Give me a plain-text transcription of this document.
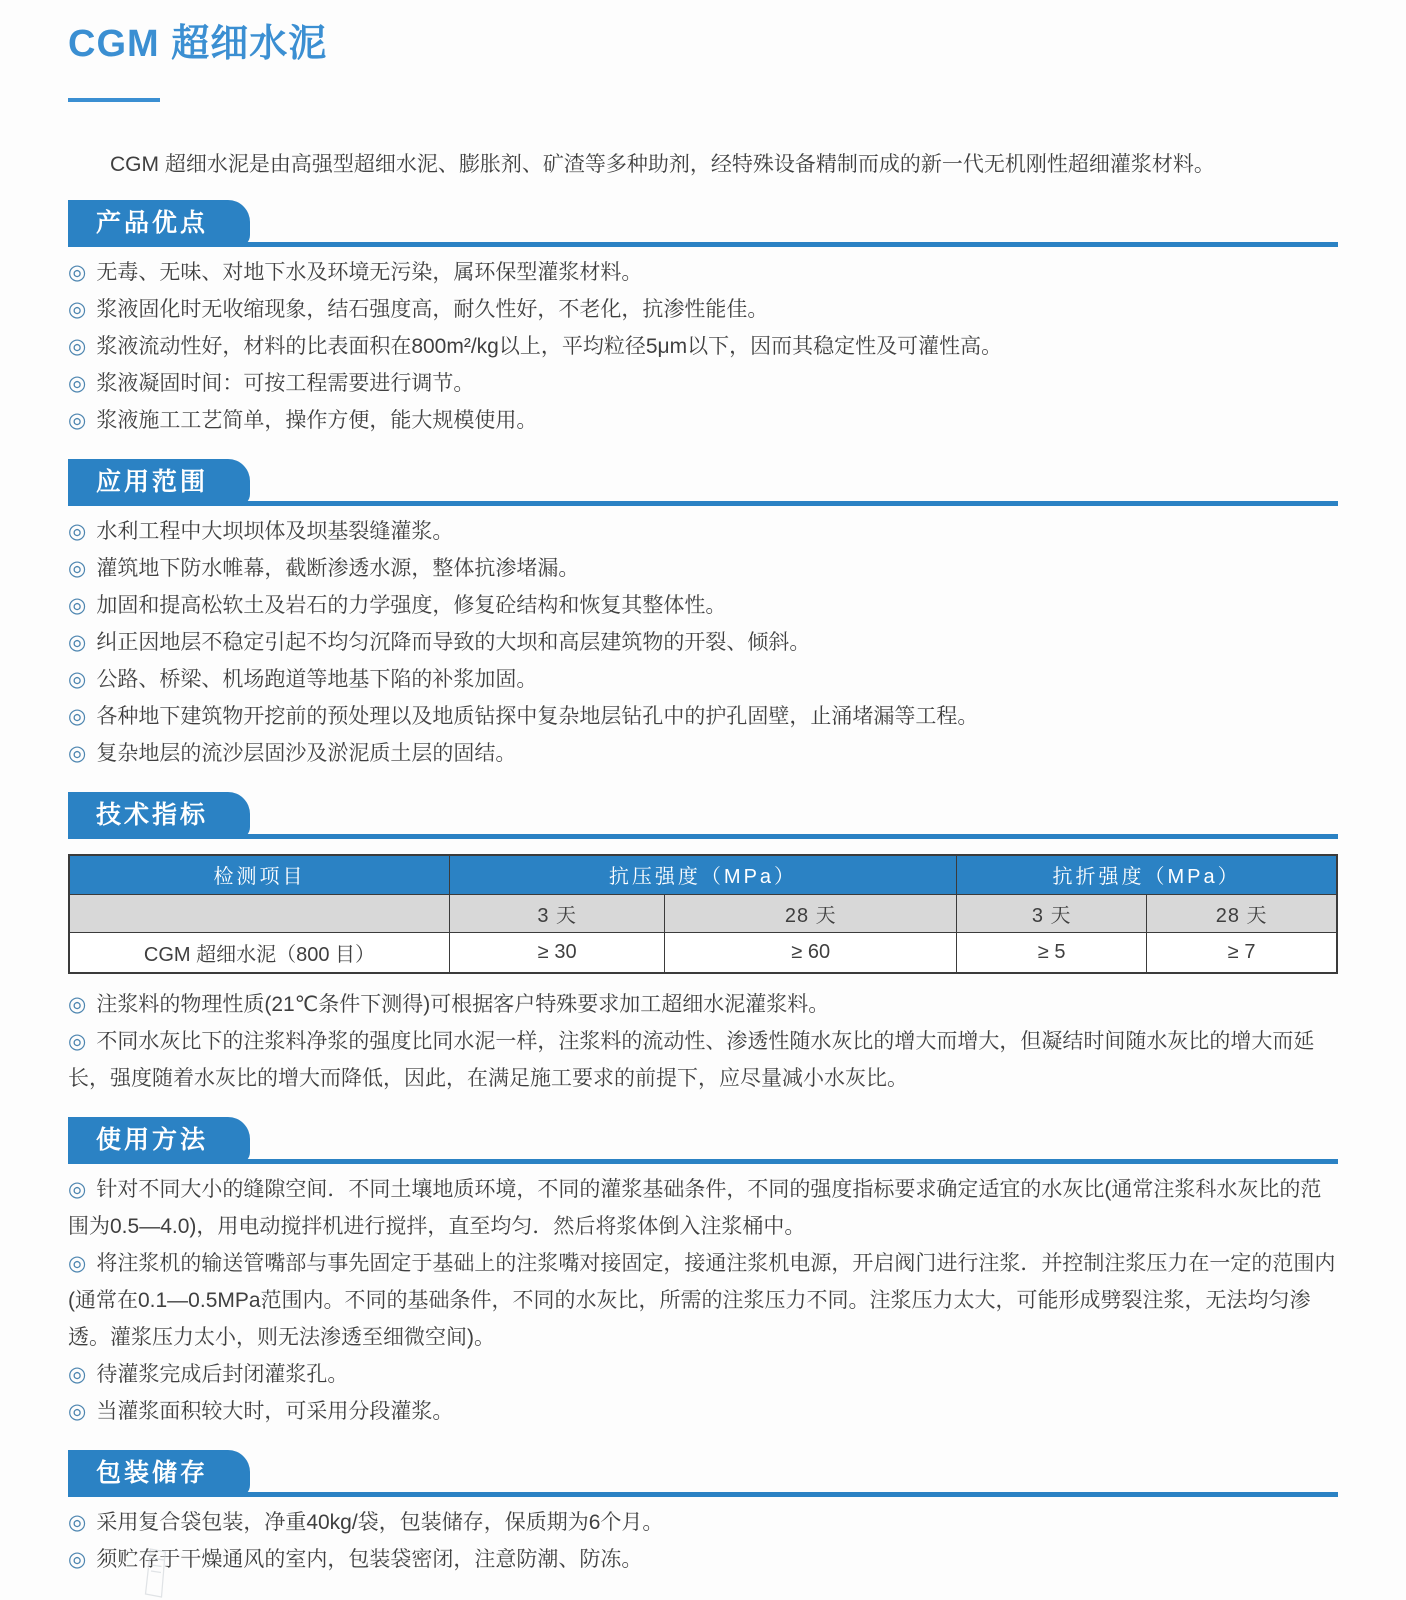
CGM 超细水泥

CGM 超细水泥是由高强型超细水泥、膨胀剂、矿渣等多种助剂，经特殊设备精制而成的新一代无机刚性超细灌浆材料。

产品优点
◎ 无毒、无味、对地下水及环境无污染，属环保型灌浆材料。
◎ 浆液固化时无收缩现象，结石强度高，耐久性好，不老化，抗渗性能佳。
◎ 浆液流动性好，材料的比表面积在800m²/kg以上，平均粒径5μm以下，因而其稳定性及可灌性高。
◎ 浆液凝固时间：可按工程需要进行调节。
◎ 浆液施工工艺简单，操作方便，能大规模使用。
应用范围
◎ 水利工程中大坝坝体及坝基裂缝灌浆。
◎ 灌筑地下防水帷幕，截断渗透水源，整体抗渗堵漏。
◎ 加固和提高松软土及岩石的力学强度，修复砼结构和恢复其整体性。
◎ 纠正因地层不稳定引起不均匀沉降而导致的大坝和高层建筑物的开裂、倾斜。
◎ 公路、桥梁、机场跑道等地基下陷的补浆加固。
◎ 各种地下建筑物开挖前的预处理以及地质钻探中复杂地层钻孔中的护孔固壁，止涌堵漏等工程。
◎ 复杂地层的流沙层固沙及淤泥质土层的固结。
技术指标
检测项目	抗压强度（MPa）		抗折强度（MPa）	
	3 天	28 天	3 天	28 天
CGM 超细水泥（800 目）	≥ 30	≥ 60	≥ 5	≥ 7
◎ 注浆料的物理性质(21℃条件下测得)可根据客户特殊要求加工超细水泥灌浆料。
◎ 不同水灰比下的注浆料净浆的强度比同水泥一样，注浆料的流动性、渗透性随水灰比的增大而增大，但凝结时间随水灰比的增大而延长，强度随着水灰比的增大而降低，因此，在满足施工要求的前提下，应尽量减小水灰比。
使用方法
◎ 针对不同大小的缝隙空间．不同土壤地质环境，不同的灌浆基础条件，不同的强度指标要求确定适宜的水灰比(通常注浆科水灰比的范围为0.5—4.0)，用电动搅拌机进行搅拌，直至均匀．然后将浆体倒入注浆桶中。
◎ 将注浆机的输送管嘴部与事先固定于基础上的注浆嘴对接固定，接通注浆机电源，开启阀门进行注浆．并控制注浆压力在一定的范围内(通常在0.1—0.5MPa范围内。不同的基础条件，不同的水灰比，所需的注浆压力不同。注浆压力太大，可能形成劈裂注浆，无法均匀渗透。灌浆压力太小，则无法渗透至细微空间)。
◎ 待灌浆完成后封闭灌浆孔。
◎ 当灌浆面积较大时，可采用分段灌浆。
包装储存
◎ 采用复合袋包装，净重40kg/袋，包装储存，保质期为6个月。
◎ 须贮存于干燥通风的室内，包装袋密闭，注意防潮、防冻。
